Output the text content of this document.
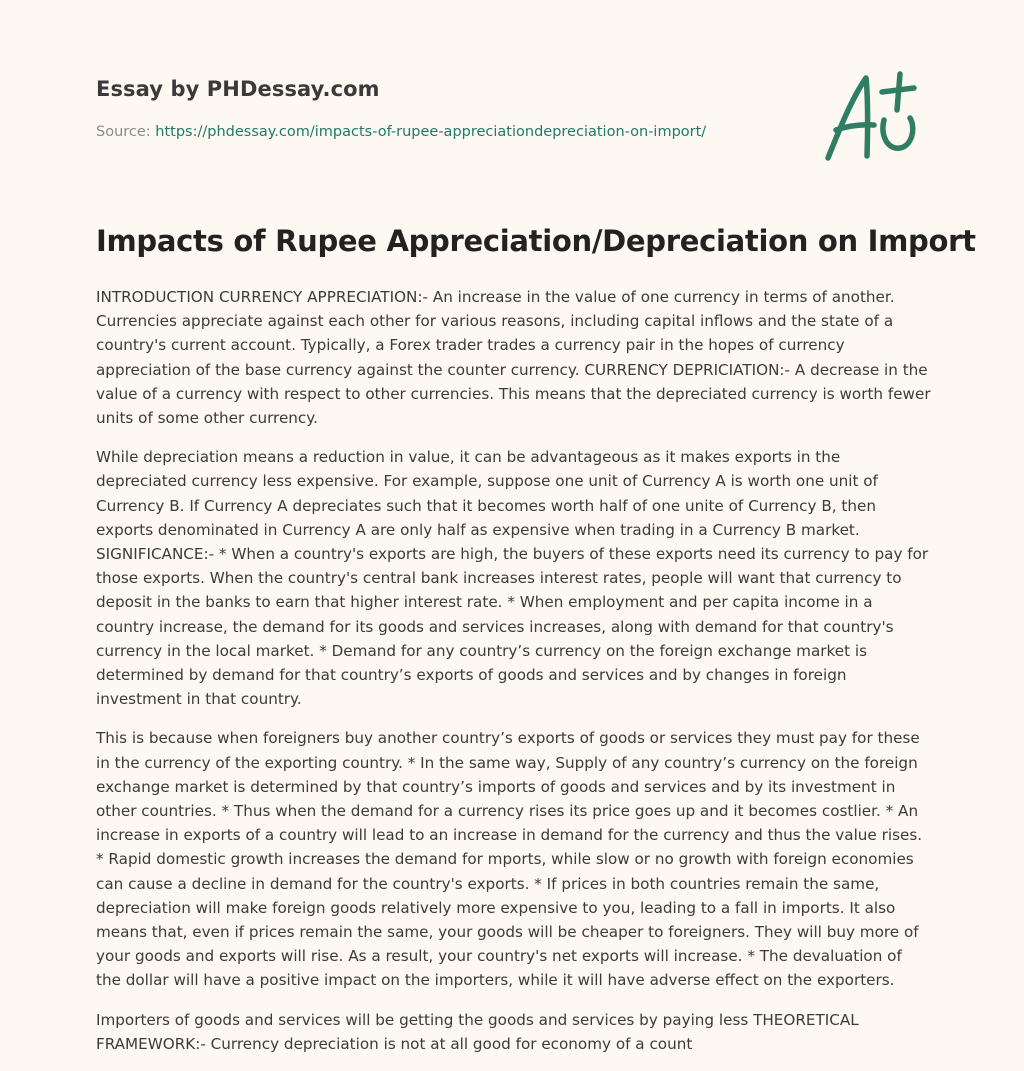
Essay by PHDessay.com
Source: https://phdessay.com/impacts-of-rupee-appreciationdepreciation-on-import/
Impacts of Rupee Appreciation/Depreciation on Import

INTRODUCTION CURRENCY APPRECIATION:- An increase in the value of one currency in terms of another. Currencies appreciate against each other for various reasons, including capital inflows and the state of a country's current account. Typically, a Forex trader trades a currency pair in the hopes of currency appreciation of the base currency against the counter currency. CURRENCY DEPRICIATION:- A decrease in the value of a currency with respect to other currencies. This means that the depreciated currency is worth fewer units of some other currency.

While depreciation means a reduction in value, it can be advantageous as it makes exports in the depreciated currency less expensive. For example, suppose one unit of Currency A is worth one unit of Currency B. If Currency A depreciates such that it becomes worth half of one unite of Currency B, then exports denominated in Currency A are only half as expensive when trading in a Currency B market. SIGNIFICANCE:- * When a country's exports are high, the buyers of these exports need its currency to pay for those exports. When the country's central bank increases interest rates, people will want that currency to deposit in the banks to earn that higher interest rate. * When employment and per capita income in a country increase, the demand for its goods and services increases, along with demand for that country's currency in the local market. * Demand for any country’s currency on the foreign exchange market is determined by demand for that country’s exports of goods and services and by changes in foreign investment in that country.

This is because when foreigners buy another country’s exports of goods or services they must pay for these in the currency of the exporting country. * In the same way, Supply of any country’s currency on the foreign exchange market is determined by that country’s imports of goods and services and by its investment in other countries. * Thus when the demand for a currency rises its price goes up and it becomes costlier. * An increase in exports of a country will lead to an increase in demand for the currency and thus the value rises. * Rapid domestic growth increases the demand for mports, while slow or no growth with foreign economies can cause a decline in demand for the country's exports. * If prices in both countries remain the same, depreciation will make foreign goods relatively more expensive to you, leading to a fall in imports. It also means that, even if prices remain the same, your goods will be cheaper to foreigners. They will buy more of your goods and exports will rise. As a result, your country's net exports will increase. * The devaluation of the dollar will have a positive impact on the importers, while it will have adverse effect on the exporters.

Importers of goods and services will be getting the goods and services by paying less THEORETICAL FRAMEWORK:- Currency depreciation is not at all good for economy of a count
